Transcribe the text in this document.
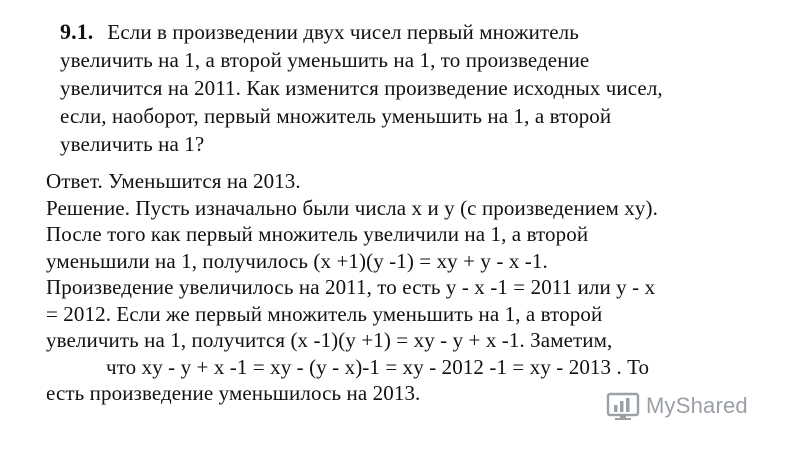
9.1. Если в произведении двух чисел первый множитель
увеличить на 1, а второй уменьшить на 1, то произведение
увеличится на 2011. Как изменится произведение исходных чисел,
если, наоборот, первый множитель уменьшить на 1, а второй
увеличить на 1?
Ответ. Уменьшится на 2013.
Решение. Пусть изначально были числа x и y (с произведением xy).
После того как первый множитель увеличили на 1, а второй
уменьшили на 1, получилось (x +1)(y -1) = xy + y - x -1.
Произведение увеличилось на 2011, то есть y - x -1 = 2011 или y - x
= 2012. Если же первый множитель уменьшить на 1, а второй
увеличить на 1, получится (x -1)(y +1) = xy - y + x -1. Заметим,
что xy - y + x -1 = xy - (y - x)-1 = xy - 2012 -1 = xy - 2013 . То
есть произведение уменьшилось на 2013.	MyShared
